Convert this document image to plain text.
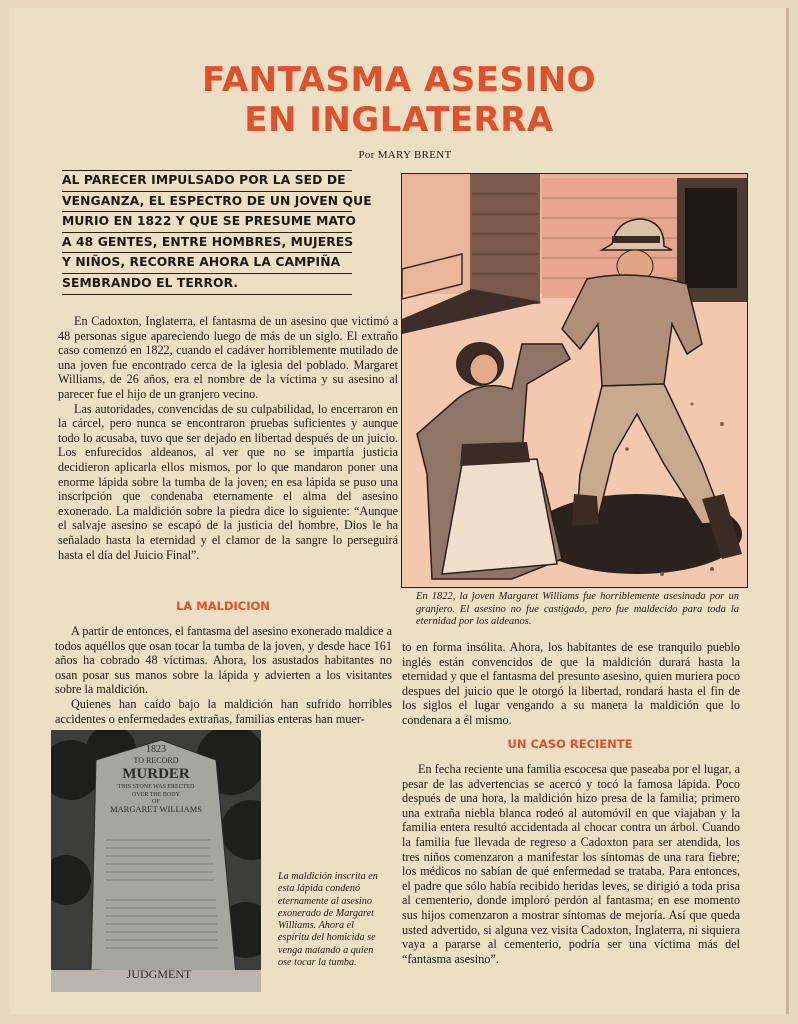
FANTASMA ASESINO
EN INGLATERRA
Por MARY BRENT
AL PARECER IMPULSADO POR LA SED DE
VENGANZA, EL ESPECTRO DE UN JOVEN QUE
MURIO EN 1822 Y QUE SE PRESUME MATO
A 48 GENTES, ENTRE HOMBRES, MUJERES
Y NIÑOS, RECORRE AHORA LA CAMPIÑA
SEMBRANDO EL TERROR.

En Cadoxton, Inglaterra, el fantasma de un asesino que victimó a 48 personas sigue apareciendo luego de más de un siglo. El extraño caso comenzó en 1822, cuando el cadáver horriblemente mutilado de una joven fue encontrado cerca de la iglesia del poblado. Margaret Williams, de 26 años, era el nombre de la víctima y su asesino al parecer fue el hijo de un granjero vecino.

Las autoridades, convencidas de su culpabilidad, lo encerraron en la cárcel, pero nunca se encontraron pruebas suficientes y aunque todo lo acusaba, tuvo que ser dejado en libertad después de un juicio. Los enfurecidos aldeanos, al ver que no se impartía justicia decidieron aplicarla ellos mismos, por lo que mandaron poner una enorme lápida sobre la tumba de la joven; en esa lápida se puso una inscripción que condenaba eternamente el alma del asesino exonerado. La maldición sobre la piedra dice lo siguiente: “Aunque el salvaje asesino se escapó de la justicia del hombre, Dios le ha señalado hasta la eternidad y el clamor de la sangre lo perseguirá hasta el día del Juicio Final”.

LA MALDICION

A partir de entonces, el fantasma del asesino exonerado maldice a todos aquéllos que osan tocar la tumba de la joven, y desde hace 161 años ha cobrado 48 víctimas. Ahora, los asustados habitantes no osan posar sus manos sobre la lápida y advierten a los visitantes sobre la maldición.

Quienes han caído bajo la maldición han sufrido horribles accidentes o enfermedades extrañas, familias enteras han muer-

En 1822, la joven Margaret Williams fue horriblemente asesinada por un granjero. El asesino no fue castigado, pero fue maldecido para toda la eternidad por los aldeanos.

to en forma insólita. Ahora, los habitantes de ese tranquilo pueblo inglés están convencidos de que la maldición durará hasta la eternidad y que el fantasma del presunto asesino, quien muriera poco despues del juicio que le otorgó la libertad, rondará hasta el fin de los siglos el lugar vengando a su manera la maldición que lo condenara a él mismo.

UN CASO RECIENTE

En fecha reciente una familia escocesa que paseaba por el lugar, a pesar de las advertencias se acercó y tocó la famosa lápida. Poco después de una hora, la maldición hizo presa de la familia; primero una extraña niebla blanca rodeó al automóvil en que viajaban y la familia entera resultó accidentada al chocar contra un árbol. Cuando la familia fue llevada de regreso a Cadoxton para ser atendida, los tres niños comenzaron a manifestar los síntomas de una rara fiebre; los médicos no sabían de qué enfermedad se trataba. Para entonces, el padre que sólo había recibido heridas leves, se dirigió a toda prisa al cementerio, donde imploró perdón al fantasma; en ese momento sus hijos comenzaron a mostrar síntomas de mejoría. Así que queda usted advertido, si alguna vez visita Cadoxton, Inglaterra, ni siquiera vaya a pararse al cementerio, podría ser una víctima más del “fantasma asesino”.

1823
TO RECORD
MURDER
THIS STONE WAS ERECTED
OVER THE BODY
OF
MARGARET WILLIAMS
JUDGMENT
La maldición inscrita en esta lápida condenó eternamente al asesino exonerado de Margaret Williams. Ahora el espíritu del homicida se venga matando a quien ose tocar la tumba.
